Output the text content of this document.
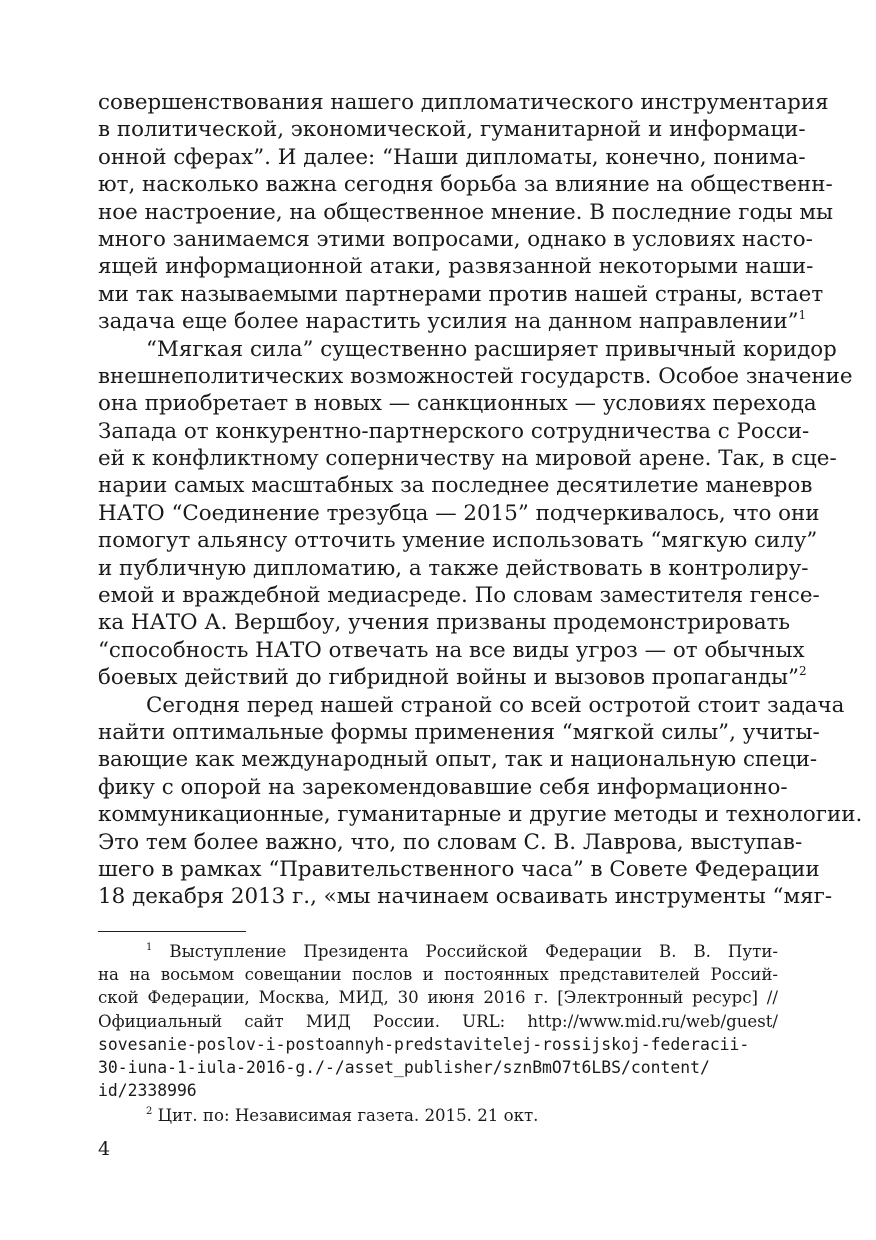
совершенствования нашего дипломатического инструментария
в политической, экономической, гуманитарной и информаци-
онной сферах”. И далее: “Наши дипломаты, конечно, понима-
ют, насколько важна сегодня борьба за влияние на общественн-
ное настроение, на общественное мнение. В последние годы мы
много занимаемся этими вопросами, однако в условиях насто-
ящей информационной атаки, развязанной некоторыми наши-
ми так называемыми партнерами против нашей страны, встает
задача еще более нарастить усилия на данном направлении”$^1$
“Мягкая сила” существенно расширяет привычный коридор
внешнеполитических возможностей государств. Особое значение
она приобретает в новых — санкционных — условиях перехода
Запада от конкурентно-партнерского сотрудничества с Росси-
ей к конфликтному соперничеству на мировой арене. Так, в сце-
нарии самых масштабных за последнее десятилетие маневров
НАТО “Соединение трезубца — 2015” подчеркивалось, что они
помогут альянсу отточить умение использовать “мягкую силу”
и публичную дипломатию, а также действовать в контролиру-
емой и враждебной медиасреде. По словам заместителя генсе-
ка НАТО А. Вершбоу, учения призваны продемонстрировать
“способность НАТО отвечать на все виды угроз — от обычных
боевых действий до гибридной войны и вызовов пропаганды”$^2$
Сегодня перед нашей страной со всей остротой стоит задача
найти оптимальные формы применения “мягкой силы”, учиты-
вающие как международный опыт, так и национальную специ-
фику с опорой на зарекомендовавшие себя информационно-
коммуникационные, гуманитарные и другие методы и технологии.
Это тем более важно, что, по словам С. В. Лаврова, выступав-
шего в рамках “Правительственного часа” в Совете Федерации
18 декабря 2013 г., «мы начинаем осваивать инструменты “мяг-
$^1$ Выступление Президента Российской Федерации В. В. Пути-
на на восьмом совещании послов и постоянных представителей Россий-
ской Федерации, Москва, МИД, 30 июня 2016 г. [Электронный ресурс] //
Официальный сайт МИД России. URL: http://www.mid.ru/web/guest/
sovesanie-poslov-i-postoannyh-predstavitelej-rossijskoj-federacii-
30-iuna-1-iula-2016-g./-/asset_publisher/sznBmO7t6LBS/content/
id/2338996
$^2$ Цит. по: Независимая газета. 2015. 21 окт.
4
